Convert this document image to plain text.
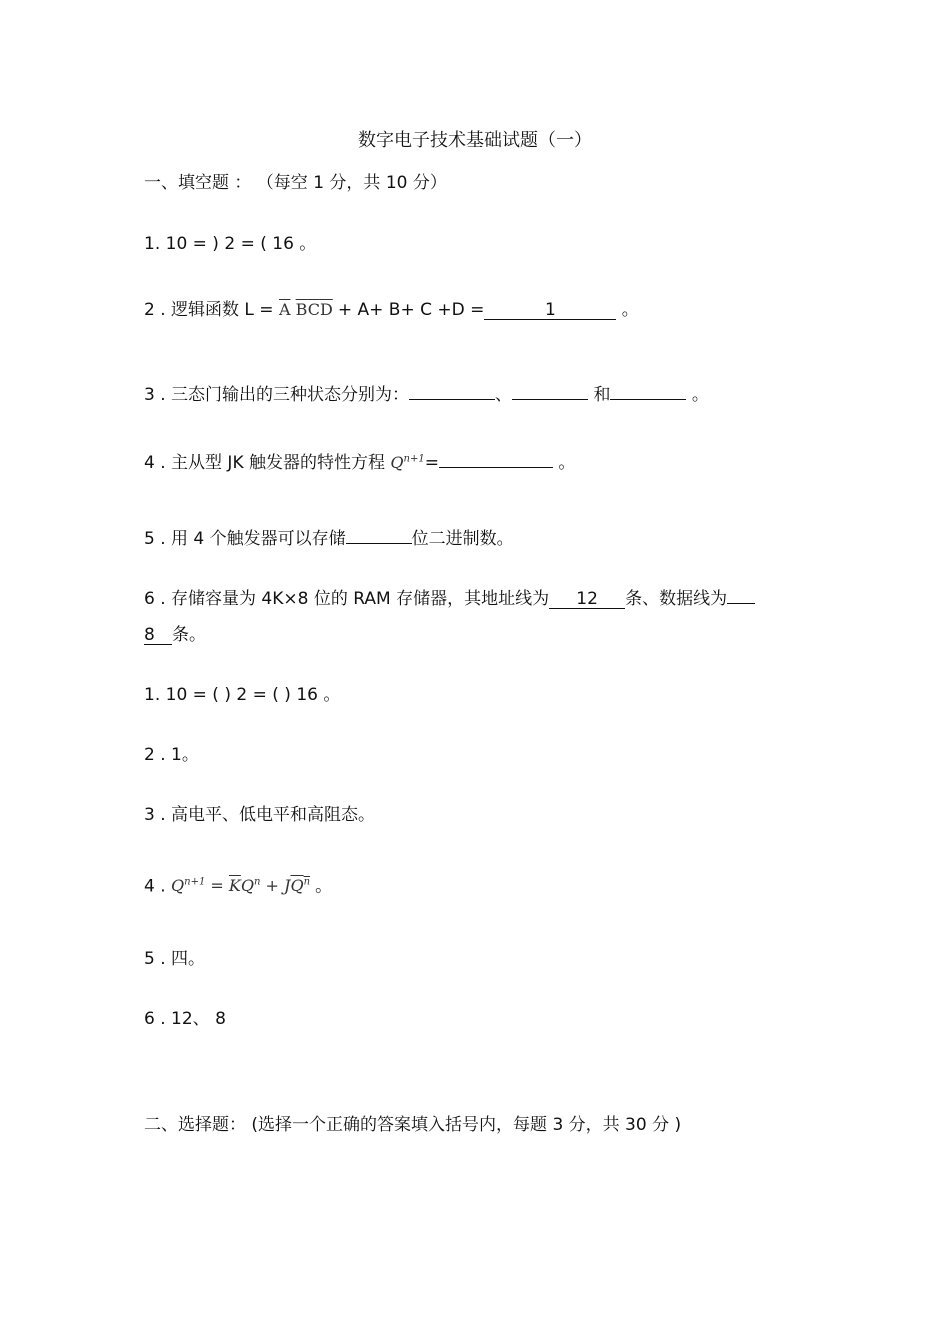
数字电子技术基础试题（一）
一、填空题 ： （每空 1 分，共 10 分）
1. 10 = ) 2 = ( 16 。
2 . 逻辑函数 $L = \overline{A}$ $\overline{B}\overline{C}\overline{D} + A+ B+ C +D$ =	1	。
3 . 三态门输出的三种状态分别为：	、	和	。
4 . 主从型 JK 触发器的特性方程 $Q^{n+1}=$	。
5 . 用 4 个触发器可以存储	位二进制数。
6 . 存储容量为 4K×8 位的 RAM 存储器，其地址线为 12 条、数据线为
8 条。
1. 10 = ( ) 2 = ( ) 16 。
2 . 1。
3 . 高电平、低电平和高阻态。
4 . $Q^{n+1} = \overline{K}Q^n + JQ^n$ 。
5 . 四。
6 . 12、 8
二、选择题： (选择一个正确的答案填入括号内，每题 3 分，共 30 分 )
